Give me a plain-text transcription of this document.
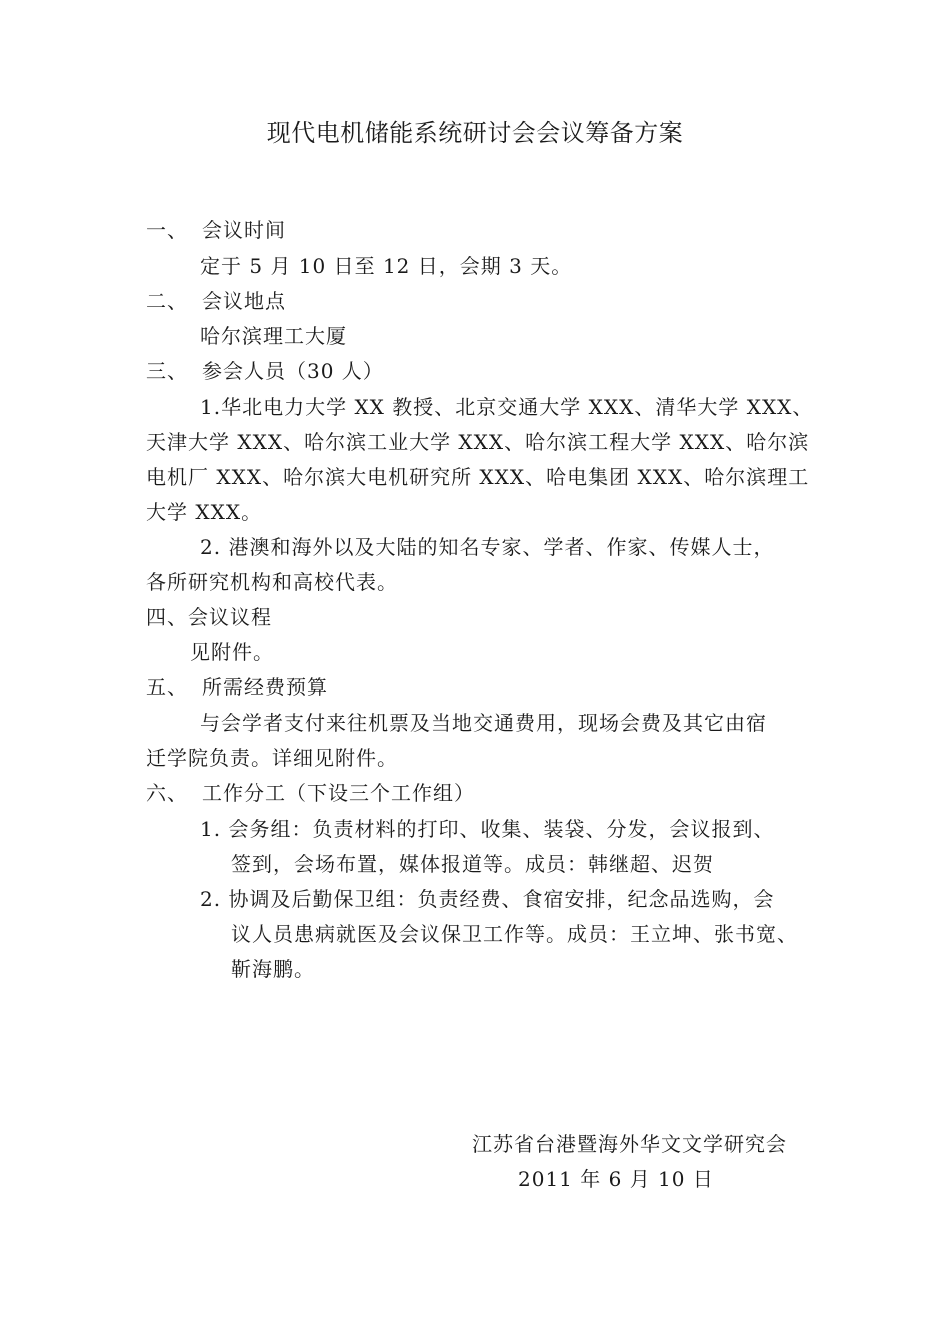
现代电机储能系统研讨会会议筹备方案
一、 会议时间
定于 5 月 10 日至 12 日，会期 3 天。
二、 会议地点
哈尔滨理工大厦
三、 参会人员（30 人）
1.华北电力大学 XX 教授、北京交通大学 XXX、清华大学 XXX、
天津大学 XXX、哈尔滨工业大学 XXX、哈尔滨工程大学 XXX、哈尔滨
电机厂 XXX、哈尔滨大电机研究所 XXX、哈电集团 XXX、哈尔滨理工
大学 XXX。
2. 港澳和海外以及大陆的知名专家、学者、作家、传媒人士，
各所研究机构和高校代表。
四、会议议程
见附件。
五、 所需经费预算
与会学者支付来往机票及当地交通费用，现场会费及其它由宿
迁学院负责。详细见附件。
六、 工作分工（下设三个工作组）
1. 会务组：负责材料的打印、收集、装袋、分发，会议报到、
签到，会场布置，媒体报道等。成员：韩继超、迟贺
2. 协调及后勤保卫组：负责经费、食宿安排，纪念品选购，会
议人员患病就医及会议保卫工作等。成员：王立坤、张书宽、
靳海鹏。
江苏省台港暨海外华文文学研究会
2011 年 6 月 10 日
